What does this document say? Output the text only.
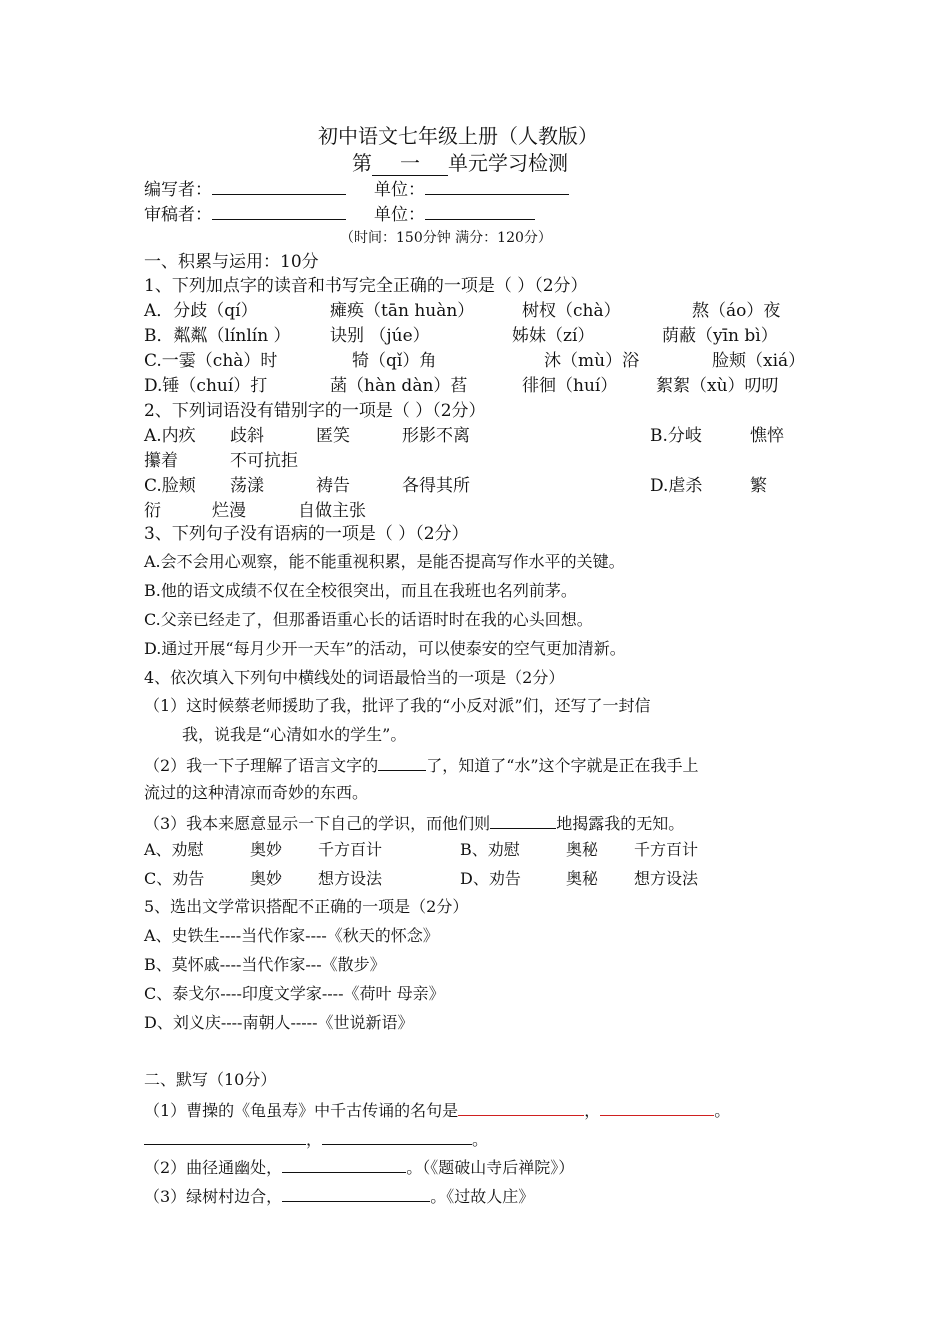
初中语文七年级上册（人教版）
第 一 单元学习检测
编写者：	单位：
审稿者：	单位：
（时间：150分钟 满分：120分）
一、积累与运用：10分
1、下列加点字的读音和书写完全正确的一项是（ ）（2分）
A．分歧（qí）	瘫痪（tān huàn）	树杈（chà）	熬（áo）夜
B．粼粼（línlín ） 诀别 （júe）	姊妹（zí）	荫蔽（yīn bì）
C.一霎（chà）时	犄（qǐ）角	沐（mù）浴	脸颊（xiá）
D.锤（chuí）打	菡（hàn dàn）萏	徘徊（huí） 絮絮（xù）叨叨
2、下列词语没有错别字的一项是（ ）（2分）
A.内疚 歧斜	匿笑	形影不离	B.分岐	憔悴
攥着	不可抗拒
C.脸颊 荡漾	祷告	各得其所	D.虐杀	繁
衍	烂漫	自做主张
3、下列句子没有语病的一项是（ ）（2分）
A.会不会用心观察，能不能重视积累，是能否提高写作水平的关键。
B.他的语文成绩不仅在全校很突出，而且在我班也名列前茅。
C.父亲已经走了，但那番语重心长的话语时时在我的心头回想。
D.通过开展“每月少开一天车”的活动，可以使泰安的空气更加清新。
4、依次填入下列句中横线处的词语最恰当的一项是（2分）
（1）这时候蔡老师援助了我，批评了我的“小反对派”们，还写了一封信
我，说我是“心清如水的学生”。
（2）我一下子理解了语言文字的	了，知道了“水”这个字就是正在我手上
流过的这种清凉而奇妙的东西。
（3）我本来愿意显示一下自己的学识，而他们则	地揭露我的无知。
A、劝慰	奥妙 千方百计	B、劝慰	奥秘 千方百计
C、劝告	奥妙 想方设法	D、劝告	奥秘 想方设法
5、选出文学常识搭配不正确的一项是（2分）
A、史铁生----当代作家----《秋天的怀念》
B、莫怀戚----当代作家---《散步》
C、泰戈尔----印度文学家----《荷叶 母亲》
D、刘义庆----南朝人-----《世说新语》
二、默写（10分）
（1）曹操的《龟虽寿》中千古传诵的名句是	，	。
，	。
（2）曲径通幽处，	。（《题破山寺后禅院》）
（3）绿树村边合，	。《过故人庄》
